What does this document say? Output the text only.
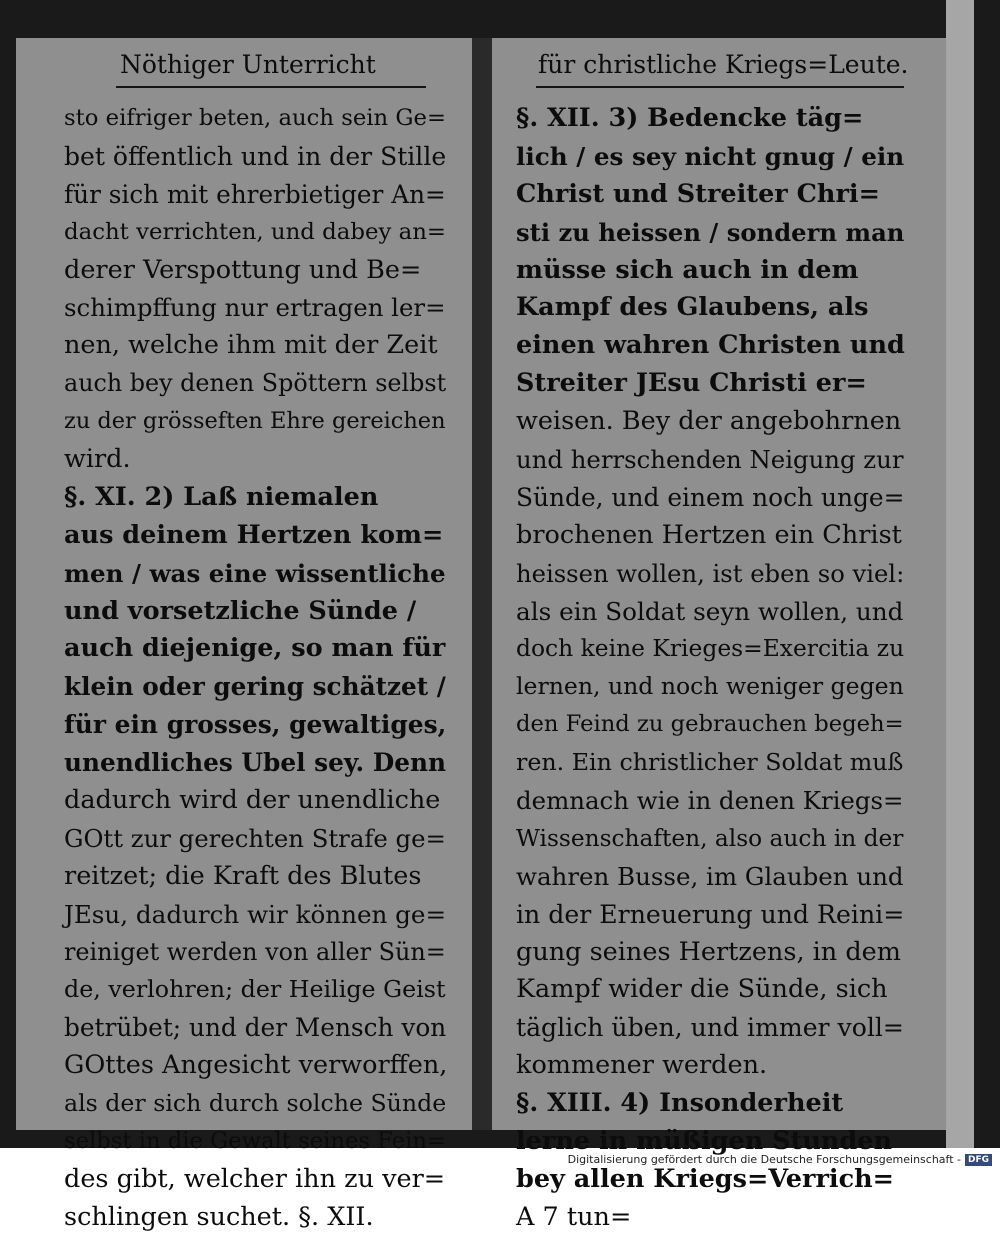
Nöthiger Unterricht
sto eifriger beten, auch sein Ge=
bet öffentlich und in der Stille
für sich mit ehrerbietiger An=
dacht verrichten, und dabey an=
derer Verspottung und Be=
schimpffung nur ertragen ler=
nen, welche ihm mit der Zeit
auch bey denen Spöttern selbst
zu der grösseften Ehre gereichen
wird.
§. XI. 2) Laß niemalen
aus deinem Hertzen kom=
men / was eine wissentliche
und vorsetzliche Sünde /
auch diejenige, so man für
klein oder gering schätzet /
für ein grosses, gewaltiges,
unendliches Ubel sey. Denn
dadurch wird der unendliche
GOtt zur gerechten Strafe ge=
reitzet; die Kraft des Blutes
JEsu, dadurch wir können ge=
reiniget werden von aller Sün=
de, verlohren; der Heilige Geist
betrübet; und der Mensch von
GOttes Angesicht verworffen,
als der sich durch solche Sünde
selbst in die Gewalt seines Fein=
des gibt, welcher ihn zu ver=
schlingen suchet. §. XII.
für christliche Kriegs=Leute.
§. XII. 3) Bedencke täg=
lich / es sey nicht gnug / ein
Christ und Streiter Chri=
sti zu heissen / sondern man
müsse sich auch in dem
Kampf des Glaubens, als
einen wahren Christen und
Streiter JEsu Christi er=
weisen. Bey der angebohrnen
und herrschenden Neigung zur
Sünde, und einem noch unge=
brochenen Hertzen ein Christ
heissen wollen, ist eben so viel:
als ein Soldat seyn wollen, und
doch keine Krieges=Exercitia zu
lernen, und noch weniger gegen
den Feind zu gebrauchen begeh=
ren. Ein christlicher Soldat muß
demnach wie in denen Kriegs=
Wissenschaften, also auch in der
wahren Busse, im Glauben und
in der Erneuerung und Reini=
gung seines Hertzens, in dem
Kampf wider die Sünde, sich
täglich üben, und immer voll=
kommener werden.
§. XIII. 4) Insonderheit
lerne in müßigen Stunden
bey allen Kriegs=Verrich=
A 7 tun=
Digitalisierung gefördert durch die Deutsche Forschungsgemeinschaft - DFG
